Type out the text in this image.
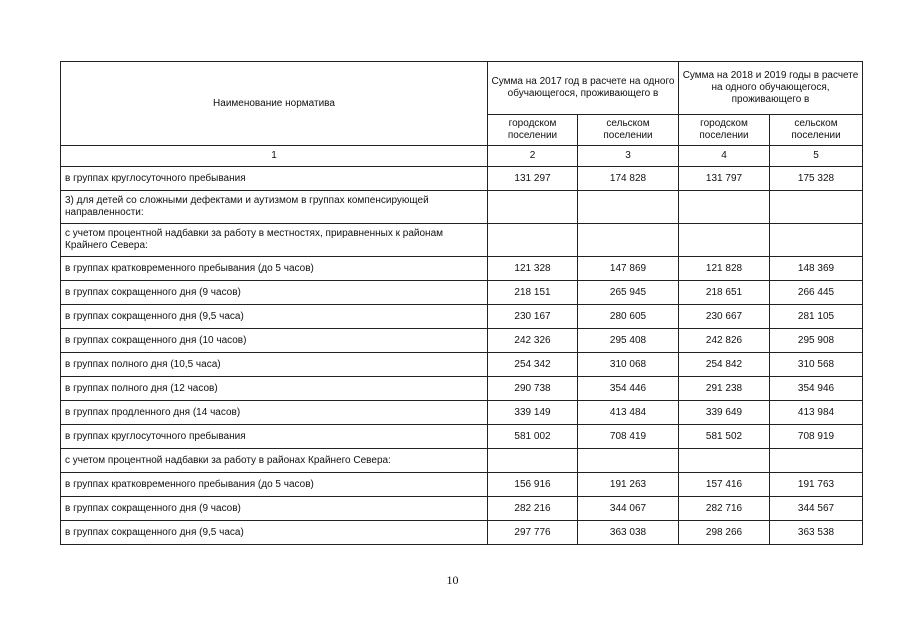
Наименование норматива	Сумма на 2017 год в расчете на одного обучающегося, проживающего в		Сумма на 2018 и 2019 годы в расчете на одного обучающегося, проживающего в	
	городском поселении	сельском поселении	городском поселении	сельском поселении
1	2	3	4	5
в группах круглосуточного пребывания	131 297	174 828	131 797	175 328
3) для детей со сложными дефектами и аутизмом в группах компенсирующей направленности:				
с учетом процентной надбавки за работу в местностях, приравненных к районам Крайнего Севера:				
в группах кратковременного пребывания (до 5 часов)	121 328	147 869	121 828	148 369
в группах сокращенного дня (9 часов)	218 151	265 945	218 651	266 445
в группах сокращенного дня (9,5 часа)	230 167	280 605	230 667	281 105
в группах сокращенного дня (10 часов)	242 326	295 408	242 826	295 908
в группах полного дня (10,5 часа)	254 342	310 068	254 842	310 568
в группах полного дня (12 часов)	290 738	354 446	291 238	354 946
в группах продленного дня (14 часов)	339 149	413 484	339 649	413 984
в группах круглосуточного пребывания	581 002	708 419	581 502	708 919
с учетом процентной надбавки за работу в районах Крайнего Севера:				
в группах кратковременного пребывания (до 5 часов)	156 916	191 263	157 416	191 763
в группах сокращенного дня (9 часов)	282 216	344 067	282 716	344 567
в группах сокращенного дня (9,5 часа)	297 776	363 038	298 266	363 538
10
